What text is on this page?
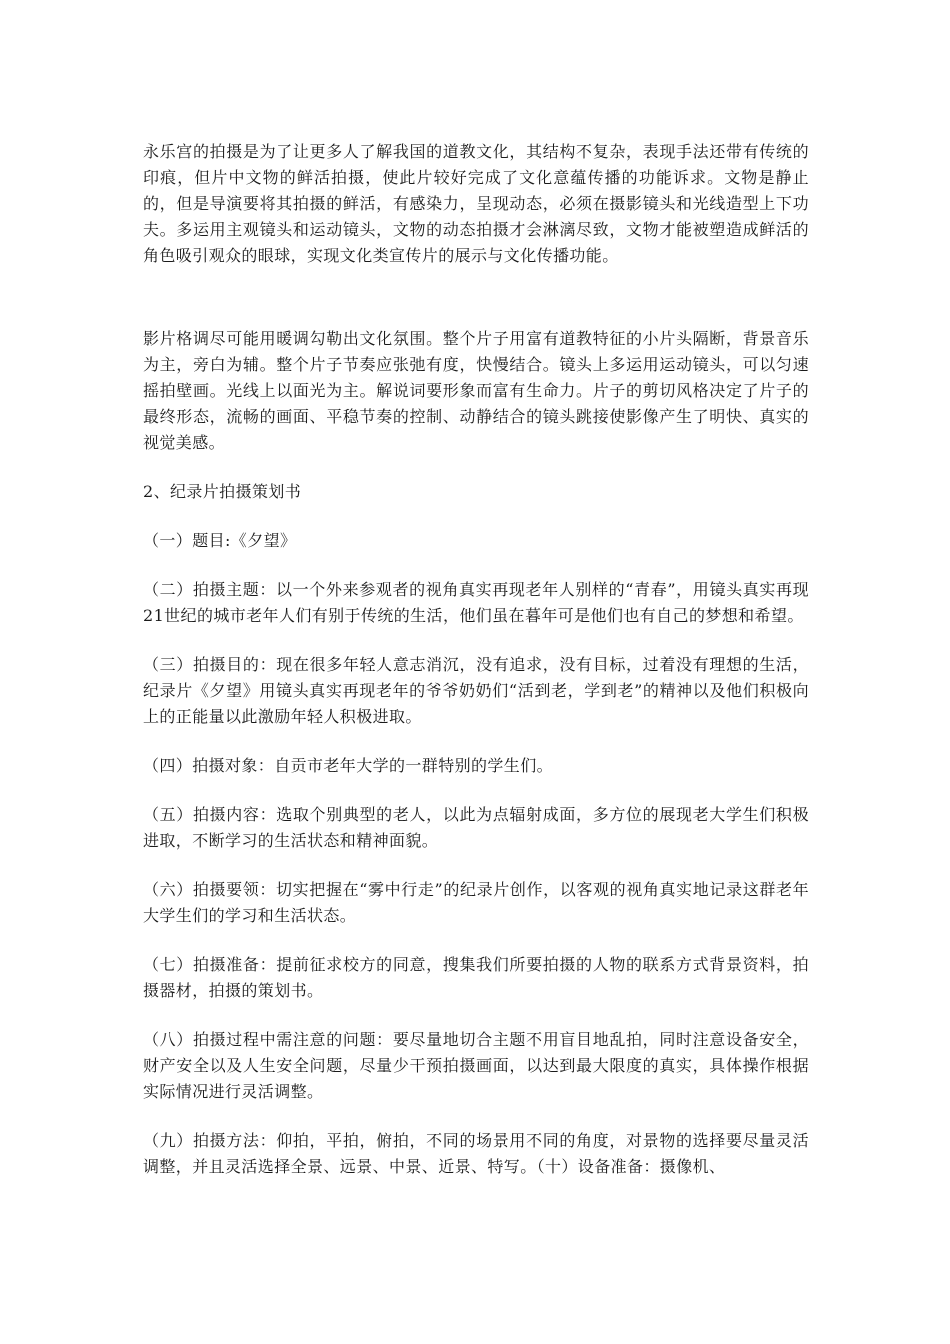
永乐宫的拍摄是为了让更多人了解我国的道教文化，其结构不复杂，表现手法还带有传统的印痕，但片中文物的鲜活拍摄，使此片较好完成了文化意蕴传播的功能诉求。文物是静止的，但是导演要将其拍摄的鲜活，有感染力，呈现动态，必须在摄影镜头和光线造型上下功夫。多运用主观镜头和运动镜头，文物的动态拍摄才会淋漓尽致，文物才能被塑造成鲜活的角色吸引观众的眼球，实现文化类宣传片的展示与文化传播功能。

影片格调尽可能用暖调勾勒出文化氛围。整个片子用富有道教特征的小片头隔断，背景音乐为主，旁白为辅。整个片子节奏应张弛有度，快慢结合。镜头上多运用运动镜头，可以匀速摇拍壁画。光线上以面光为主。解说词要形象而富有生命力。片子的剪切风格决定了片子的最终形态，流畅的画面、平稳节奏的控制、动静结合的镜头跳接使影像产生了明快、真实的视觉美感。

2、纪录片拍摄策划书

（一）题目:《夕望》

（二）拍摄主题：以一个外来参观者的视角真实再现老年人别样的“青春”，用镜头真实再现21世纪的城市老年人们有别于传统的生活，他们虽在暮年可是他们也有自己的梦想和希望。

（三）拍摄目的：现在很多年轻人意志消沉，没有追求，没有目标，过着没有理想的生活，纪录片《夕望》用镜头真实再现老年的爷爷奶奶们“活到老，学到老”的精神以及他们积极向上的正能量以此激励年轻人积极进取。

（四）拍摄对象：自贡市老年大学的一群特别的学生们。

（五）拍摄内容：选取个别典型的老人，以此为点辐射成面，多方位的展现老大学生们积极进取，不断学习的生活状态和精神面貌。

（六）拍摄要领：切实把握在“雾中行走”的纪录片创作，以客观的视角真实地记录这群老年大学生们的学习和生活状态。

（七）拍摄准备：提前征求校方的同意，搜集我们所要拍摄的人物的联系方式背景资料，拍摄器材，拍摄的策划书。

（八）拍摄过程中需注意的问题：要尽量地切合主题不用盲目地乱拍，同时注意设备安全，财产安全以及人生安全问题，尽量少干预拍摄画面，以达到最大限度的真实，具体操作根据实际情况进行灵活调整。

（九）拍摄方法：仰拍，平拍，俯拍，不同的场景用不同的角度，对景物的选择要尽量灵活调整，并且灵活选择全景、远景、中景、近景、特写。（十）设备准备：摄像机、
